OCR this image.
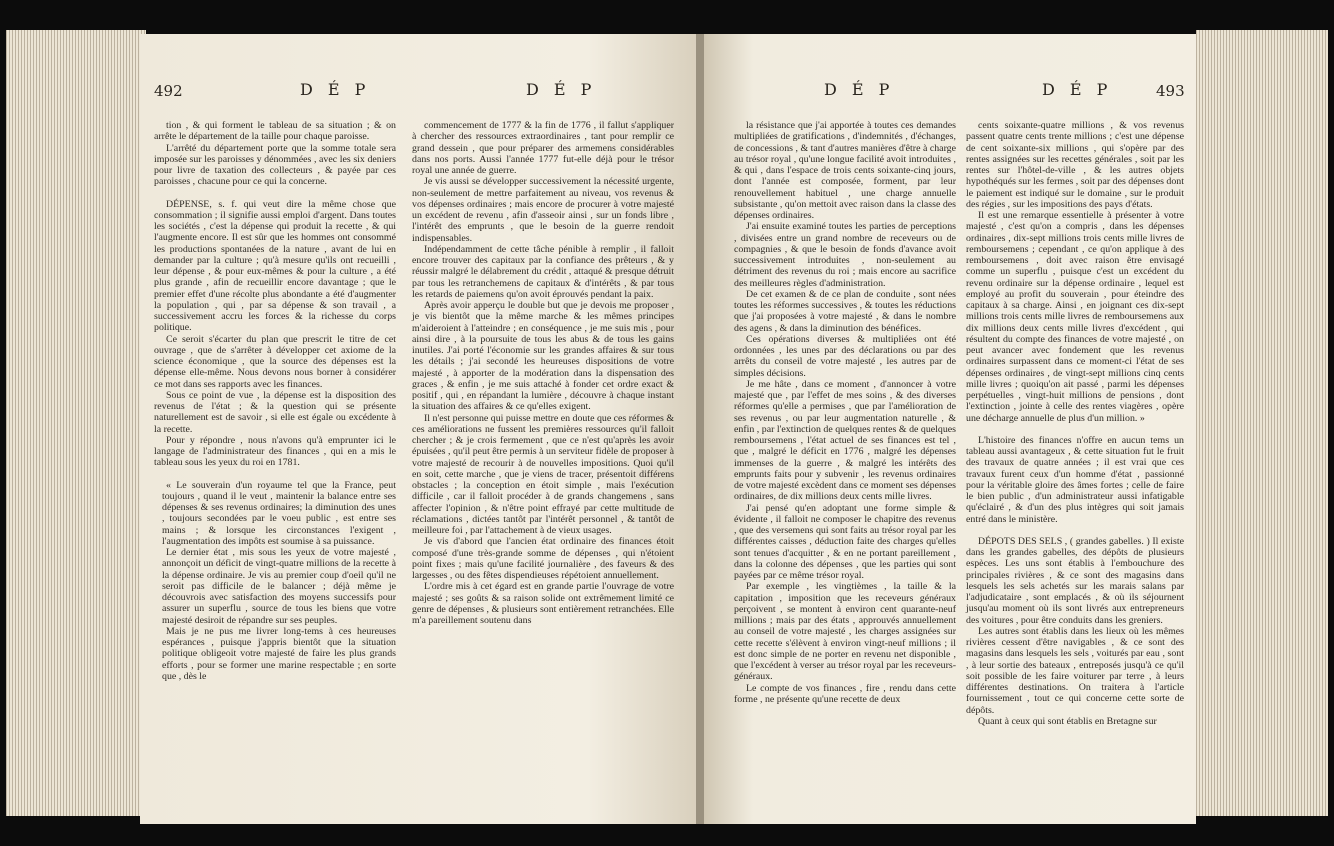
492	D É P	D É P

tion , & qui forment le tableau de sa situation ; & on arrête le département de la taille pour chaque paroisse.

L'arrêté du département porte que la somme totale sera imposée sur les paroisses y dénommées , avec les six deniers pour livre de taxation des collecteurs , & payée par ces paroisses , chacune pour ce qui la concerne.

DÉPENSE, s. f. qui veut dire la même chose que consommation ; il signifie aussi emploi d'argent. Dans toutes les sociétés , c'est la dépense qui produit la recette , & qui l'augmente encore. Il est sûr que les hommes ont consommé les productions spontanées de la nature , avant de lui en demander par la culture ; qu'à mesure qu'ils ont recueilli , leur dépense , & pour eux-mêmes & pour la culture , a été plus grande , afin de recueillir encore davantage ; que le premier effet d'une récolte plus abondante a été d'augmenter la population , qui , par sa dépense & son travail , a successivement accru les forces & la richesse du corps politique.

Ce seroit s'écarter du plan que prescrit le titre de cet ouvrage , que de s'arrêter à développer cet axiome de la science économique , que la source des dépenses est la dépense elle-même. Nous devons nous borner à considérer ce mot dans ses rapports avec les finances.

Sous ce point de vue , la dépense est la disposition des revenus de l'état ; & la question qui se présente naturellement est de savoir , si elle est égale ou excédente à la recette.

Pour y répondre , nous n'avons qu'à emprunter ici le langage de l'administrateur des finances , qui en a mis le tableau sous les yeux du roi en 1781.

« Le souverain d'un royaume tel que la France, peut toujours , quand il le veut , maintenir la balance entre ses dépenses & ses revenus ordinaires; la diminution des unes , toujours secondées par le voeu public , est entre ses mains ; & lorsque les circonstances l'exigent , l'augmentation des impôts est soumise à sa puissance.

Le dernier état , mis sous les yeux de votre majesté , annonçoit un déficit de vingt-quatre millions de la recette à la dépense ordinaire. Je vis au premier coup d'oeil qu'il ne seroit pas difficile de le balancer ; déjà même je découvrois avec satisfaction des moyens successifs pour assurer un superflu , source de tous les biens que votre majesté desiroit de répandre sur ses peuples.

Mais je ne pus me livrer long-tems à ces heureuses espérances , puisque j'appris bientôt que la situation politique obligeoit votre majesté de faire les plus grands efforts , pour se former une marine respectable ; en sorte que , dès le

commencement de 1777 & la fin de 1776 , il fallut s'appliquer à chercher des ressources extraordinaires , tant pour remplir ce grand dessein , que pour préparer des armemens considérables dans nos ports. Aussi l'année 1777 fut-elle déjà pour le trésor royal une année de guerre.

Je vis aussi se développer successivement la nécessité urgente, non-seulement de mettre parfaitement au niveau, vos revenus & vos dépenses ordinaires ; mais encore de procurer à votre majesté un excédent de revenu , afin d'asseoir ainsi , sur un fonds libre , l'intérêt des emprunts , que le besoin de la guerre rendoit indispensables.

Indépendamment de cette tâche pénible à remplir , il falloit encore trouver des capitaux par la confiance des prêteurs , & y réussir malgré le délabrement du crédit , attaqué & presque détruit par tous les retranchemens de capitaux & d'intérêts , & par tous les retards de paiemens qu'on avoit éprouvés pendant la paix.

Après avoir apperçu le double but que je devois me proposer , je vis bientôt que la même marche & les mêmes principes m'aideroient à l'atteindre ; en conséquence , je me suis mis , pour ainsi dire , à la poursuite de tous les abus & de tous les gains inutiles. J'ai porté l'économie sur les grandes affaires & sur tous les détails ; j'ai secondé les heureuses dispositions de votre majesté , à apporter de la modération dans la dispensation des graces , & enfin , je me suis attaché à fonder cet ordre exact & positif , qui , en répandant la lumière , découvre à chaque instant la situation des affaires & ce qu'elles exigent.

Il n'est personne qui puisse mettre en doute que ces réformes & ces améliorations ne fussent les premières ressources qu'il falloit chercher ; & je crois fermement , que ce n'est qu'après les avoir épuisées , qu'il peut être permis à un serviteur fidèle de proposer à votre majesté de recourir à de nouvelles impositions. Quoi qu'il en soit, cette marche , que je viens de tracer, présentoit différens obstacles ; la conception en étoit simple , mais l'exécution difficile , car il falloit procéder à de grands changemens , sans affecter l'opinion , & n'être point effrayé par cette multitude de réclamations , dictées tantôt par l'intérêt personnel , & tantôt de meilleure foi , par l'attachement à de vieux usages.

Je vis d'abord que l'ancien état ordinaire des finances étoit composé d'une très-grande somme de dépenses , qui n'étoient point fixes ; mais qu'une facilité journalière , des faveurs & des largesses , ou des fêtes dispendieuses répétoient annuellement.

L'ordre mis à cet égard est en grande partie l'ouvrage de votre majesté ; ses goûts & sa raison solide ont extrêmement limité ce genre de dépenses , & plusieurs sont entièrement retranchées. Elle m'a pareillement soutenu dans

D É P	D É P	493

la résistance que j'ai apportée à toutes ces demandes multipliées de gratifications , d'indemnités , d'échanges, de concessions , & tant d'autres manières d'être à charge au trésor royal , qu'une longue facilité avoit introduites , & qui , dans l'espace de trois cents soixante-cinq jours, dont l'année est composée, forment, par leur renouvellement habituel , une charge annuelle subsistante , qu'on mettoit avec raison dans la classe des dépenses ordinaires.

J'ai ensuite examiné toutes les parties de perceptions , divisées entre un grand nombre de receveurs ou de compagnies , & que le besoin de fonds d'avance avoit successivement introduites , non-seulement au détriment des revenus du roi ; mais encore au sacrifice des meilleures règles d'administration.

De cet examen & de ce plan de conduite , sont nées toutes les réformes successives , & toutes les réductions que j'ai proposées à votre majesté , & dans le nombre des agens , & dans la diminution des bénéfices.

Ces opérations diverses & multipliées ont été ordonnées , les unes par des déclarations ou par des arrêts du conseil de votre majesté , les autres par de simples décisions.

Je me hâte , dans ce moment , d'annoncer à votre majesté que , par l'effet de mes soins , & des diverses réformes qu'elle a permises , que par l'amélioration de ses revenus , ou par leur augmentation naturelle , & enfin , par l'extinction de quelques rentes & de quelques remboursemens , l'état actuel de ses finances est tel , que , malgré le déficit en 1776 , malgré les dépenses immenses de la guerre , & malgré les intérêts des emprunts faits pour y subvenir , les revenus ordinaires de votre majesté excèdent dans ce moment ses dépenses ordinaires, de dix millions deux cents mille livres.

J'ai pensé qu'en adoptant une forme simple & évidente , il falloit ne composer le chapitre des revenus , que des versemens qui sont faits au trésor royal par les différentes caisses , déduction faite des charges qu'elles sont tenues d'acquitter , & en ne portant pareillement , dans la colonne des dépenses , que les parties qui sont payées par ce même trésor royal.

Par exemple , les vingtièmes , la taille & la capitation , imposition que les receveurs généraux perçoivent , se montent à environ cent quarante-neuf millions ; mais par des états , approuvés annuellement au conseil de votre majesté , les charges assignées sur cette recette s'élèvent à environ vingt-neuf millions ; il est donc simple de ne porter en revenu net disponible , que l'excédent à verser au trésor royal par les receveurs-généraux.

Le compte de vos finances , fire , rendu dans cette forme , ne présente qu'une recette de deux

cents soixante-quatre millions , & vos revenus passent quatre cents trente millions ; c'est une dépense de cent soixante-six millions , qui s'opère par des rentes assignées sur les recettes générales , soit par les rentes sur l'hôtel-de-ville , & les autres objets hypothéqués sur les fermes , soit par des dépenses dont le paiement est indiqué sur le domaine , sur le produit des régies , sur les impositions des pays d'états.

Il est une remarque essentielle à présenter à votre majesté , c'est qu'on a compris , dans les dépenses ordinaires , dix-sept millions trois cents mille livres de remboursemens ; cependant , ce qu'on applique à des remboursemens , doit avec raison être envisagé comme un superflu , puisque c'est un excédent du revenu ordinaire sur la dépense ordinaire , lequel est employé au profit du souverain , pour éteindre des capitaux à sa charge. Ainsi , en joignant ces dix-sept millions trois cents mille livres de remboursemens aux dix millions deux cents mille livres d'excédent , qui résultent du compte des finances de votre majesté , on peut avancer avec fondement que les revenus ordinaires surpassent dans ce moment-ci l'état de ses dépenses ordinaires , de vingt-sept millions cinq cents mille livres ; quoiqu'on ait passé , parmi les dépenses perpétuelles , vingt-huit millions de pensions , dont l'extinction , jointe à celle des rentes viagères , opère une décharge annuelle de plus d'un million. »

L'histoire des finances n'offre en aucun tems un tableau aussi avantageux , & cette situation fut le fruit des travaux de quatre années ; il est vrai que ces travaux furent ceux d'un homme d'état , passionné pour la véritable gloire des âmes fortes ; celle de faire le bien public , d'un administrateur aussi infatigable qu'éclairé , & d'un des plus intègres qui soit jamais entré dans le ministère.

DÉPOTS DES SELS , ( grandes gabelles. ) Il existe dans les grandes gabelles, des dépôts de plusieurs espèces. Les uns sont établis à l'embouchure des principales rivières , & ce sont des magasins dans lesquels les sels achetés sur les marais salans par l'adjudicataire , sont emplacés , & où ils séjournent jusqu'au moment où ils sont livrés aux entrepreneurs des voitures , pour être conduits dans les greniers.

Les autres sont établis dans les lieux où les mêmes rivières cessent d'être navigables , & ce sont des magasins dans lesquels les sels , voiturés par eau , sont , à leur sortie des bateaux , entreposés jusqu'à ce qu'il soit possible de les faire voiturer par terre , à leurs différentes destinations. On traitera à l'article fournissement , tout ce qui concerne cette sorte de dépôts.

Quant à ceux qui sont établis en Bretagne sur
